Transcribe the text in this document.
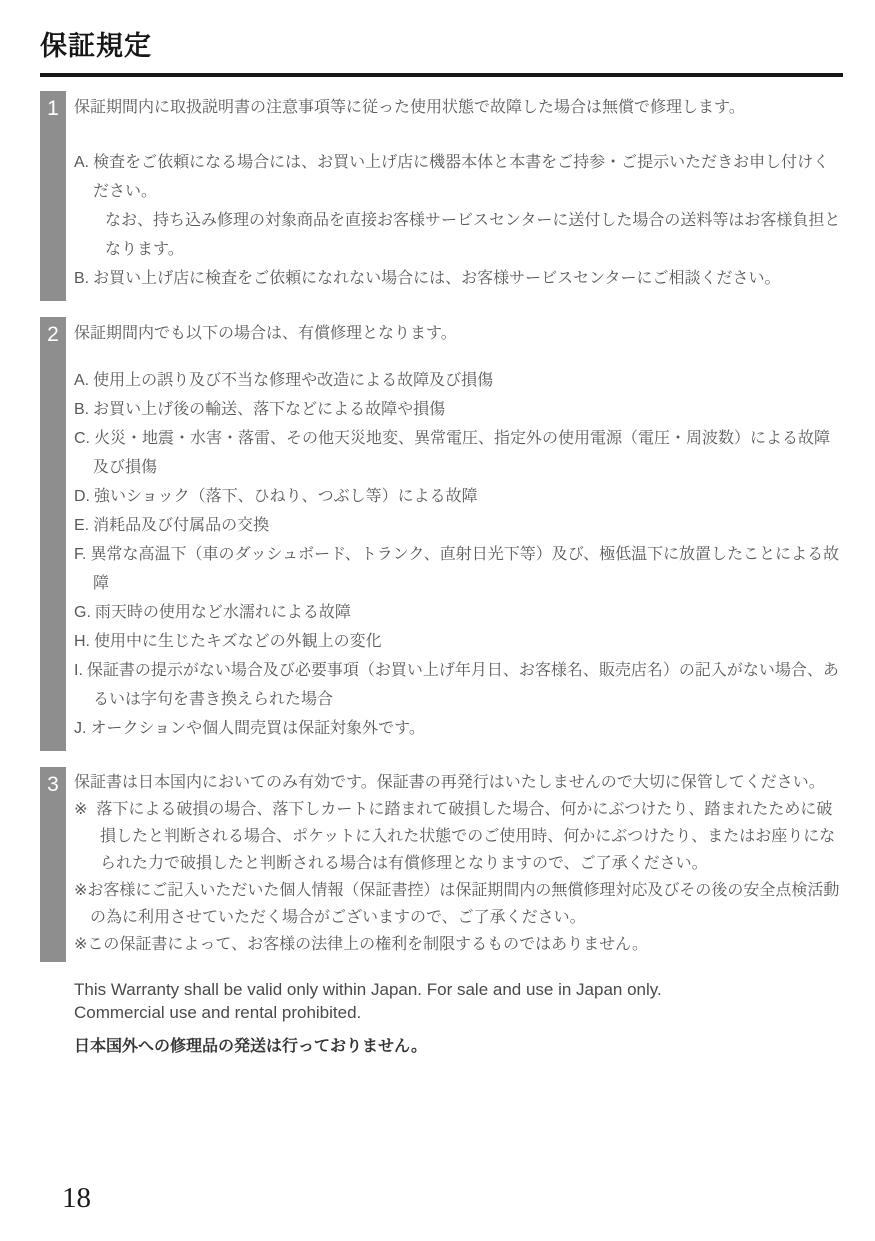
保証規定
1 保証期間内に取扱説明書の注意事項等に従った使用状態で故障した場合は無償で修理します。

A. 検査をご依頼になる場合には、お買い上げ店に機器本体と本書をご持参・ご提示いただきお申し付けください。

なお、持ち込み修理の対象商品を直接お客様サービスセンターに送付した場合の送料等はお客様負担となります。

B. お買い上げ店に検査をご依頼になれない場合には、お客様サービスセンターにご相談ください。

2 保証期間内でも以下の場合は、有償修理となります。

A. 使用上の誤り及び不当な修理や改造による故障及び損傷

B. お買い上げ後の輸送、落下などによる故障や損傷

C. 火災・地震・水害・落雷、その他天災地変、異常電圧、指定外の使用電源（電圧・周波数）による故障及び損傷

D. 強いショック（落下、ひねり、つぶし等）による故障

E. 消耗品及び付属品の交換

F. 異常な高温下（車のダッシュボード、トランク、直射日光下等）及び、極低温下に放置したことによる故障

G. 雨天時の使用など水濡れによる故障

H. 使用中に生じたキズなどの外観上の変化

I. 保証書の提示がない場合及び必要事項（お買い上げ年月日、お客様名、販売店名）の記入がない場合、あるいは字句を書き換えられた場合

J. オークションや個人間売買は保証対象外です。

3 保証書は日本国内においてのみ有効です。保証書の再発行はいたしませんので大切に保管してください。

※ 落下による破損の場合、落下しカートに踏まれて破損した場合、何かにぶつけたり、踏まれたために破損したと判断される場合、ポケットに入れた状態でのご使用時、何かにぶつけたり、またはお座りになられた力で破損したと判断される場合は有償修理となりますので、ご了承ください。

※お客様にご記入いただいた個人情報（保証書控）は保証期間内の無償修理対応及びその後の安全点検活動の為に利用させていただく場合がございますので、ご了承ください。

※この保証書によって、お客様の法律上の権利を制限するものではありません。

This Warranty shall be valid only within Japan. For sale and use in Japan only.

Commercial use and rental prohibited.

日本国外への修理品の発送は行っておりません。

18
